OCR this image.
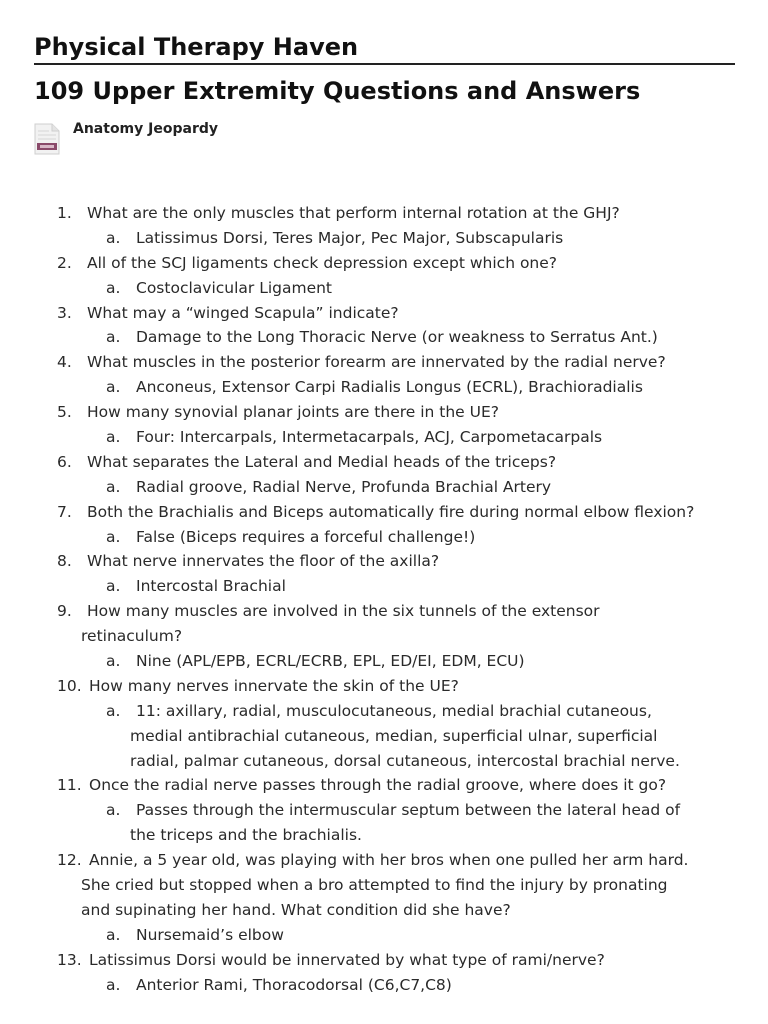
Physical Therapy Haven
109 Upper Extremity Questions and Answers
Anatomy Jeopardy
1. What are the only muscles that perform internal rotation at the GHJ?
a. Latissimus Dorsi, Teres Major, Pec Major, Subscapularis
2. All of the SCJ ligaments check depression except which one?
a. Costoclavicular Ligament
3. What may a “winged Scapula” indicate?
a. Damage to the Long Thoracic Nerve (or weakness to Serratus Ant.)
4. What muscles in the posterior forearm are innervated by the radial nerve?
a. Anconeus, Extensor Carpi Radialis Longus (ECRL), Brachioradialis
5. How many synovial planar joints are there in the UE?
a. Four: Intercarpals, Intermetacarpals, ACJ, Carpometacarpals
6. What separates the Lateral and Medial heads of the triceps?
a. Radial groove, Radial Nerve, Profunda Brachial Artery
7. Both the Brachialis and Biceps automatically fire during normal elbow flexion?
a. False (Biceps requires a forceful challenge!)
8. What nerve innervates the floor of the axilla?
a. Intercostal Brachial
9. How many muscles are involved in the six tunnels of the extensor
retinaculum?
a. Nine (APL/EPB, ECRL/ECRB, EPL, ED/EI, EDM, ECU)
10. How many nerves innervate the skin of the UE?
a. 11: axillary, radial, musculocutaneous, medial brachial cutaneous,
medial antibrachial cutaneous, median, superficial ulnar, superficial
radial, palmar cutaneous, dorsal cutaneous, intercostal brachial nerve.
11. Once the radial nerve passes through the radial groove, where does it go?
a. Passes through the intermuscular septum between the lateral head of
the triceps and the brachialis.
12. Annie, a 5 year old, was playing with her bros when one pulled her arm hard.
She cried but stopped when a bro attempted to find the injury by pronating
and supinating her hand. What condition did she have?
a. Nursemaid’s elbow
13. Latissimus Dorsi would be innervated by what type of rami/nerve?
a. Anterior Rami, Thoracodorsal (C6,C7,C8)
